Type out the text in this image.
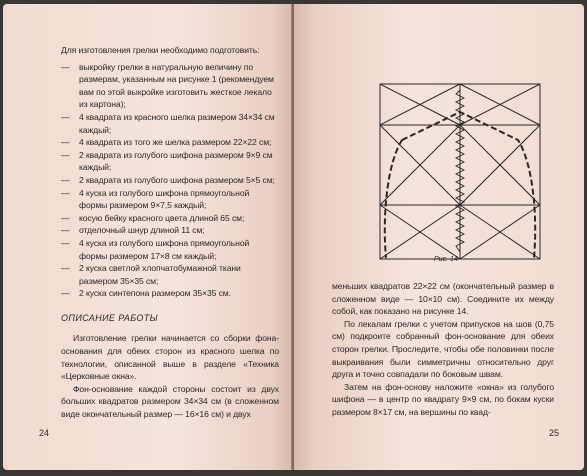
Для изготовления грелки необходимо подготовить:

— выкройку грелки в натуральную величину по размерам, указанным на рисунке 1 (рекомендуем вам по этой выкройке изготовить жесткое лекало из картона);
— 4 квадрата из красного шелка размером 34×34 см каждый;
— 4 квадрата из того же шелка размером 22×22 см;
— 2 квадрата из голубого шифона размером 9×9 см каждый;
— 2 квадрата из голубого шифона размером 5×5 см;
— 4 куска из голубого шифона прямоугольной формы размером 9×7,5 каждый;
— косую бейку красного цвета длиной 65 см;
— отделочный шнур длиной 11 см;
— 4 куска из голубого шифона прямоугольной формы размером 17×8 см каждый;
— 2 куска светлой хлопчатобумажной ткани размером 35×35 см;
— 2 куска синтепона размером 35×35 см.

ОПИСАНИЕ РАБОТЫ

Изготовление грелки начинается со сборки фона-основания для обеих сторон из красного шелка по технологии, описанной выше в разделе «Техника «Церковные окна».

Фон-основание каждой стороны состоит из двух больших квадратов размером 34×34 см (в сложенном виде окончательный размер — 16×16 см) и двух

24
Рис. 14

меньших квадратов 22×22 см (окончательный размер в сложенном виде — 10×10 см). Соедините их между собой, как показано на рисунке 14.

По лекалам грелки с учетом припусков на шов (0,75 см) подкроите собранный фон-основание для обеих сторон грелки. Проследите, чтобы обе половинки после выкраивания были симметричны относительно друг друга и точно совпадали по боковым швам.

Затем на фон-основу наложите «окна» из голубого шифона — в центр по квадрату 9×9 см, по бокам куски размером 8×17 см, на вершины по квад-

25
